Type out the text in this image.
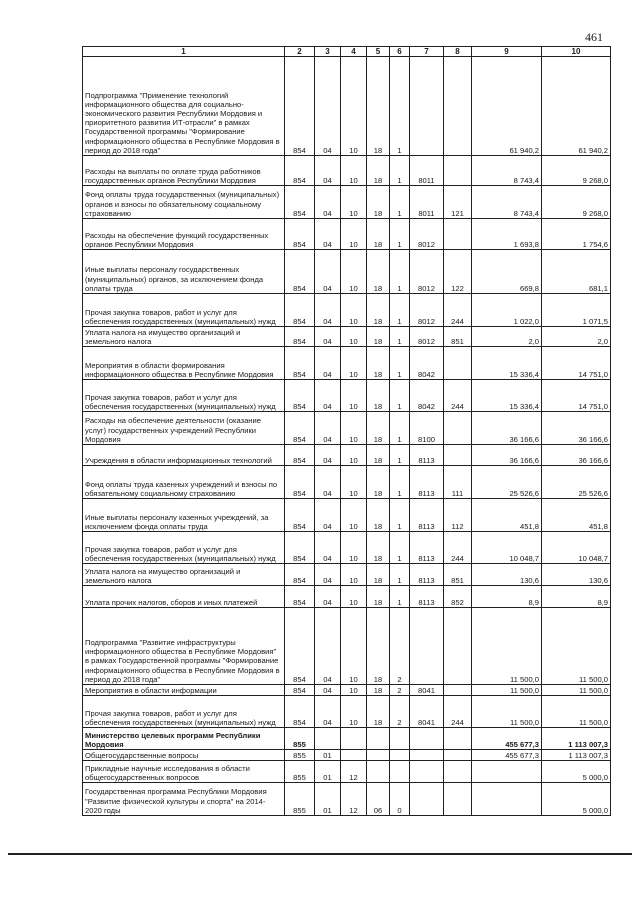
461
1	2	3	4	5	6	7	8	9	10
Подпрограмма "Применение технологий информационного общества для социально-экономического развития Республики Мордовия и приоритетного развития ИТ-отрасли" в рамках Государственной программы "Формирование информационного общества в Республике Мордовия в период до 2018 года"	854	04	10	18	1			61 940,2	61 940,2
Расходы на выплаты по оплате труда работников государственных органов Республики Мордовия	854	04	10	18	1	8011		8 743,4	9 268,0
Фонд оплаты труда государственных (муниципальных) органов и взносы по обязательному социальному страхованию	854	04	10	18	1	8011	121	8 743,4	9 268,0
Расходы на обеспечение функций государственных органов Республики Мордовия	854	04	10	18	1	8012		1 693,8	1 754,6
Иные выплаты персоналу государственных (муниципальных) органов, за исключением фонда оплаты труда	854	04	10	18	1	8012	122	669,8	681,1
Прочая закупка товаров, работ и услуг для обеспечения государственных (муниципальных) нужд	854	04	10	18	1	8012	244	1 022,0	1 071,5
Уплата налога на имущество организаций и земельного налога	854	04	10	18	1	8012	851	2,0	2,0
Мероприятия в области формирования информационного общества в Республике Мордовия	854	04	10	18	1	8042		15 336,4	14 751,0
Прочая закупка товаров, работ и услуг для обеспечения государственных (муниципальных) нужд	854	04	10	18	1	8042	244	15 336,4	14 751,0
Расходы на обеспечение деятельности (оказание услуг) государственных учреждений Республики Мордовия	854	04	10	18	1	8100		36 166,6	36 166,6
Учреждения в области информационных технологий	854	04	10	18	1	8113		36 166,6	36 166,6
Фонд оплаты труда казенных учреждений и взносы по обязательному социальному страхованию	854	04	10	18	1	8113	111	25 526,6	25 526,6
Иные выплаты персоналу казенных учреждений, за исключением фонда оплаты труда	854	04	10	18	1	8113	112	451,8	451,8
Прочая закупка товаров, работ и услуг для обеспечения государственных (муниципальных) нужд	854	04	10	18	1	8113	244	10 048,7	10 048,7
Уплата налога на имущество организаций и земельного налога	854	04	10	18	1	8113	851	130,6	130,6
Уплата прочих налогов, сборов и иных платежей	854	04	10	18	1	8113	852	8,9	8,9
Подпрограмма "Развитие инфраструктуры информационного общества в Республике Мордовия" в рамках Государственной программы "Формирование информационного общества в Республике Мордовия в период до 2018 года"	854	04	10	18	2			11 500,0	11 500,0
Мероприятия в области информации	854	04	10	18	2	8041		11 500,0	11 500,0
Прочая закупка товаров, работ и услуг для обеспечения государственных (муниципальных) нужд	854	04	10	18	2	8041	244	11 500,0	11 500,0
Министерство целевых программ Республики Мордовия	855							455 677,3	1 113 007,3
Общегосударственные вопросы	855	01						455 677,3	1 113 007,3
Прикладные научные исследования в области общегосударственных вопросов	855	01	12						5 000,0
Государственная программа Республики Мордовия "Развитие физической культуры и спорта" на 2014-2020 годы	855	01	12	06	0				5 000,0
